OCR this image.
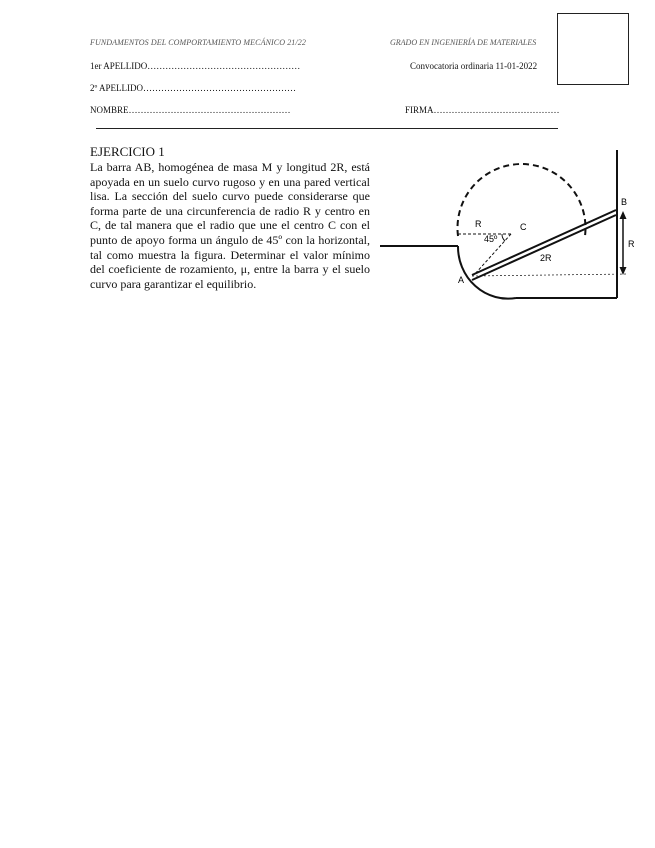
FUNDAMENTOS DEL COMPORTAMIENTO MECÁNICO 21/22	GRADO EN INGENIERÍA DE MATERIALES
1er APELLIDO……………………………………………
2º APELLIDO……………………………………………
NOMBRE………………………………………………
Convocatoria ordinaria 11-01-2022
FIRMA……………………………………
EJERCICIO 1
La barra AB, homogénea de masa M y longitud 2R, está apoyada en un suelo curvo rugoso y en una pared vertical lisa. La sección del suelo curvo puede considerarse que forma parte de una circunferencia de radio R y centro en C, de tal manera que el radio que une el centro C con el punto de apoyo forma un ángulo de 45º con la horizontal, tal como muestra la figura. Determinar el valor mínimo del coeficiente de rozamiento, μ, entre la barra y el suelo curvo para garantizar el equilibrio.
B
A
C
R
R
45º
2R
